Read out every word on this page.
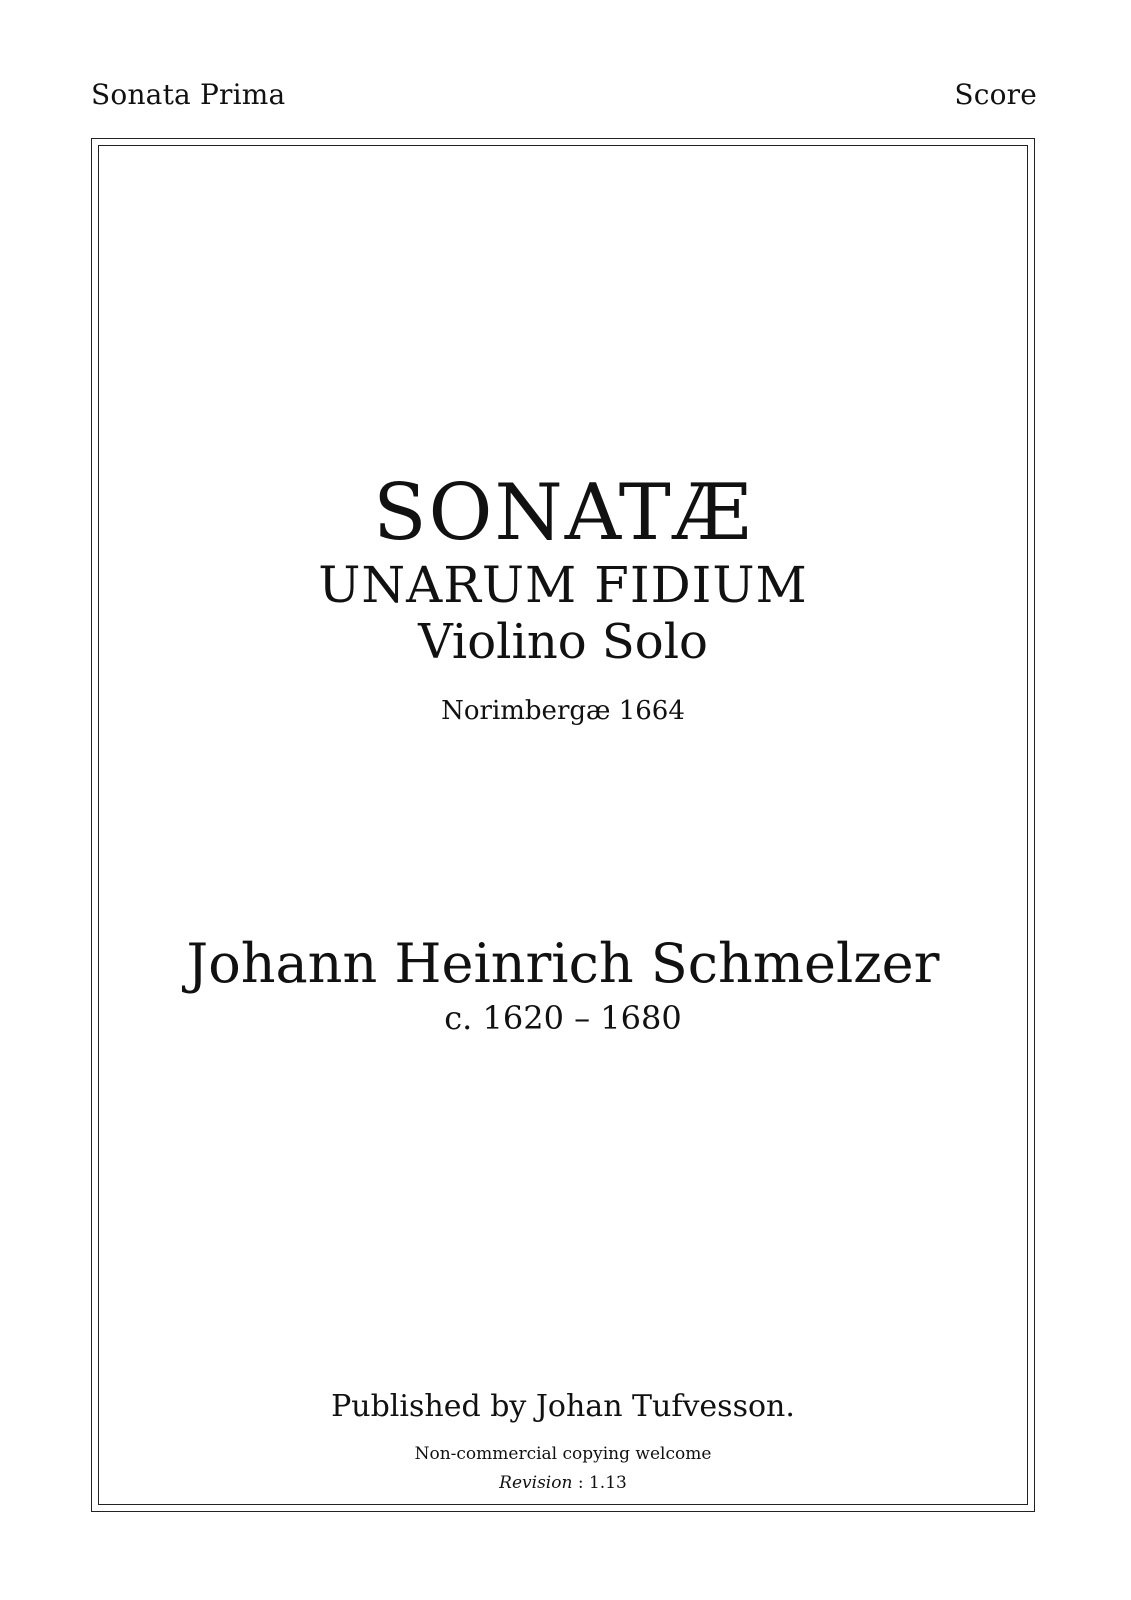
Sonata Prima	Score
SONATÆ
UNARUM FIDIUM
Violino Solo
Norimbergæ 1664
Johann Heinrich Schmelzer
c. 1620 – 1680
Published by Johan Tufvesson.
Non-commercial copying welcome
Revision : 1.13
